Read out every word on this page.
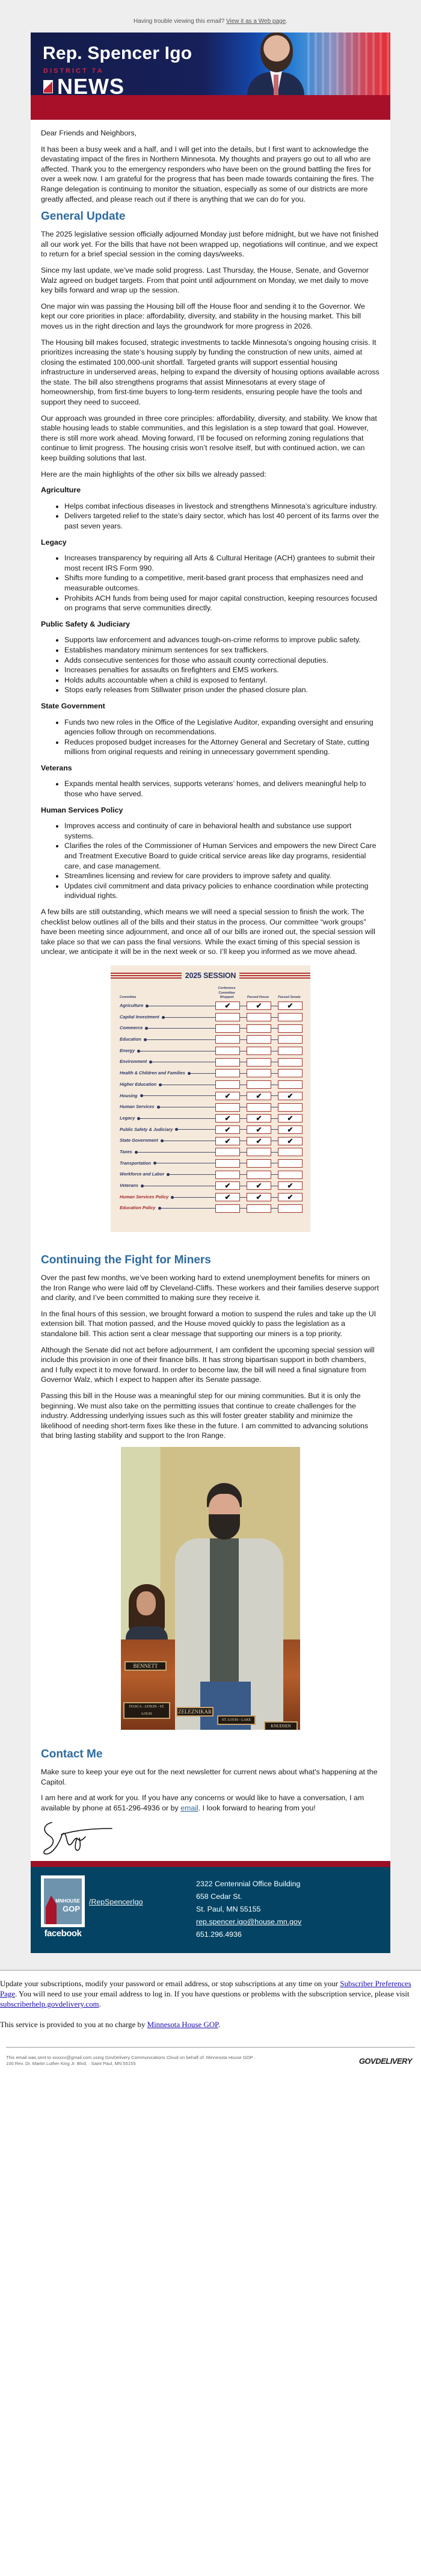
Having trouble viewing this email? View it as a Web page.
Rep. Spencer Igo
DISTRICT 7A
NEWS

Dear Friends and Neighbors,

It has been a busy week and a half, and I will get into the details, but I first want to acknowledge the devastating impact of the fires in Northern Minnesota. My thoughts and prayers go out to all who are affected. Thank you to the emergency responders who have been on the ground battling the fires for over a week now. I am grateful for the progress that has been made towards containing the fires. The Range delegation is continuing to monitor the situation, especially as some of our districts are more greatly affected, and please reach out if there is anything that we can do for you.

General Update

The 2025 legislative session officially adjourned Monday just before midnight, but we have not finished all our work yet. For the bills that have not been wrapped up, negotiations will continue, and we expect to return for a brief special session in the coming days/weeks.

Since my last update, we’ve made solid progress. Last Thursday, the House, Senate, and Governor Walz agreed on budget targets. From that point until adjournment on Monday, we met daily to move key bills forward and wrap up the session.

One major win was passing the Housing bill off the House floor and sending it to the Governor. We kept our core priorities in place: affordability, diversity, and stability in the housing market. This bill moves us in the right direction and lays the groundwork for more progress in 2026.

The Housing bill makes focused, strategic investments to tackle Minnesota’s ongoing housing crisis. It prioritizes increasing the state’s housing supply by funding the construction of new units, aimed at closing the estimated 100,000-unit shortfall. Targeted grants will support essential housing infrastructure in underserved areas, helping to expand the diversity of housing options available across the state. The bill also strengthens programs that assist Minnesotans at every stage of homeownership, from first-time buyers to long-term residents, ensuring people have the tools and support they need to succeed.

Our approach was grounded in three core principles: affordability, diversity, and stability. We know that stable housing leads to stable communities, and this legislation is a step toward that goal. However, there is still more work ahead. Moving forward, I’ll be focused on reforming zoning regulations that continue to limit progress. The housing crisis won’t resolve itself, but with continued action, we can keep building solutions that last.

Here are the main highlights of the other six bills we already passed:

Agriculture
• Helps combat infectious diseases in livestock and strengthens Minnesota’s agriculture industry.
• Delivers targeted relief to the state’s dairy sector, which has lost 40 percent of its farms over the past seven years.
Legacy
• Increases transparency by requiring all Arts & Cultural Heritage (ACH) grantees to submit their most recent IRS Form 990.
• Shifts more funding to a competitive, merit-based grant process that emphasizes need and measurable outcomes.
• Prohibits ACH funds from being used for major capital construction, keeping resources focused on programs that serve communities directly.
Public Safety & Judiciary
• Supports law enforcement and advances tough-on-crime reforms to improve public safety.
• Establishes mandatory minimum sentences for sex traffickers.
• Adds consecutive sentences for those who assault county correctional deputies.
• Increases penalties for assaults on firefighters and EMS workers.
• Holds adults accountable when a child is exposed to fentanyl.
• Stops early releases from Stillwater prison under the phased closure plan.
State Government
• Funds two new roles in the Office of the Legislative Auditor, expanding oversight and ensuring agencies follow through on recommendations.
• Reduces proposed budget increases for the Attorney General and Secretary of State, cutting millions from original requests and reining in unnecessary government spending.
Veterans
• Expands mental health services, supports veterans’ homes, and delivers meaningful help to those who have served.
Human Services Policy
• Improves access and continuity of care in behavioral health and substance use support systems.
• Clarifies the roles of the Commissioner of Human Services and empowers the new Direct Care and Treatment Executive Board to guide critical service areas like day programs, residential care, and case management.
• Streamlines licensing and review for care providers to improve safety and quality.
• Updates civil commitment and data privacy policies to enhance coordination while protecting individual rights.

A few bills are still outstanding, which means we will need a special session to finish the work. The checklist below outlines all of the bills and their status in the process. Our committee “work groups” have been meeting since adjournment, and once all of our bills are ironed out, the special session will take place so that we can pass the final versions. While the exact timing of this special session is unclear, we anticipate it will be in the next week or so. I’ll keep you informed as we move ahead.

2025 SESSION
Committee
Conference Committee Wrapped	Passed House	Passed Senate
Agriculture	✔	✔	✔
Capital Investment
Commerce
Education
Energy
Environment
Health & Children and Families
Higher Education
Housing	✔	✔	✔
Human Services
Legacy	✔	✔	✔
Public Safety & Judiciary	✔	✔	✔
State Government	✔	✔	✔
Taxes
Transportation
Workforce and Labor
Veterans	✔	✔	✔
Human Services Policy	✔	✔	✔
Education Policy
Continuing the Fight for Miners

Over the past few months, we’ve been working hard to extend unemployment benefits for miners on the Iron Range who were laid off by Cleveland-Cliffs. These workers and their families deserve support and clarity, and I’ve been committed to making sure they receive it.

In the final hours of this session, we brought forward a motion to suspend the rules and take up the UI extension bill. That motion passed, and the House moved quickly to pass the legislation as a standalone bill. This action sent a clear message that supporting our miners is a top priority.

Although the Senate did not act before adjournment, I am confident the upcoming special session will include this provision in one of their finance bills. It has strong bipartisan support in both chambers, and I fully expect it to move forward. In order to become law, the bill will need a final signature from Governor Walz, which I expect to happen after its Senate passage.

Passing this bill in the House was a meaningful step for our mining communities. But it is only the beginning. We must also take on the permitting issues that continue to create challenges for the industry. Addressing underlying issues such as this will foster greater stability and minimize the likelihood of needing short-term fixes like these in the future. I am committed to advancing solutions that bring lasting stability and support to the Iron Range.

BENNETT
ZELEZNIKAR
ITASCA - AITKIN - ST. LOUIS
ST. LOUIS - LAKE
KNUDSEN
Contact Me

Make sure to keep your eye out for the next newsletter for current news about what's happening at the Capitol.

I am here and at work for you. If you have any concerns or would like to have a conversation, I am available by phone at 651-296-4936 or by email. I look forward to hearing from you!

MNHOUSE
GOP
facebook
/RepSpencerIgo
2322 Centennial Office Building
658 Cedar St.
St. Paul, MN 55155
rep.spencer.igo@house.mn.gov
651.296.4936

Update your subscriptions, modify your password or email address, or stop subscriptions at any time on your Subscriber Preferences Page. You will need to use your email address to log in. If you have questions or problems with the subscription service, please visit subscriberhelp.govdelivery.com.

This service is provided to you at no charge by Minnesota House GOP.

This email was sent to xxxxxx@gmail.com using GovDelivery Communications Cloud on behalf of: Minnesota House GOP · 100 Rev. Dr. Martin Luther King Jr. Blvd. · Saint Paul, MN 55155	GOVDELIVERY
